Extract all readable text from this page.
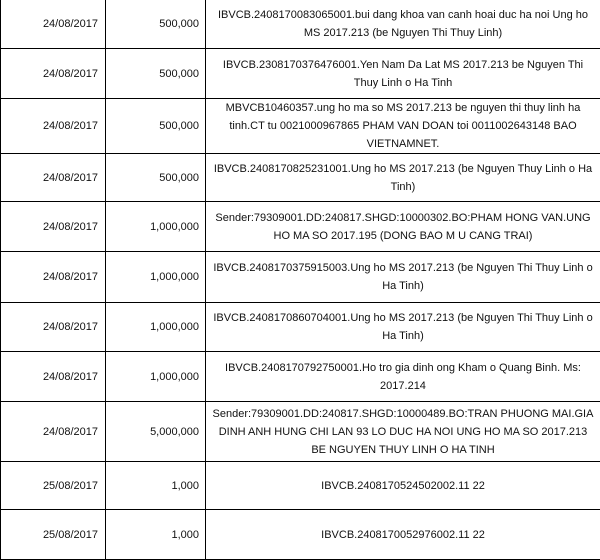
24/08/2017	500,000	IBVCB.2408170083065001.bui dang khoa van canh hoai duc ha noi Ung ho MS 2017.213 (be Nguyen Thi Thuy Linh)
24/08/2017	500,000	IBVCB.2308170376476001.Yen Nam Da Lat MS 2017.213 be Nguyen Thi Thuy Linh o Ha Tinh
24/08/2017	500,000	MBVCB10460357.ung ho ma so MS 2017.213 be nguyen thi thuy linh ha tinh.CT tu 0021000967865 PHAM VAN DOAN toi 0011002643148 BAO VIETNAMNET.
24/08/2017	500,000	IBVCB.2408170825231001.Ung ho MS 2017.213 (be Nguyen Thuy Linh o Ha Tinh)
24/08/2017	1,000,000	Sender:79309001.DD:240817.SHGD:10000302.BO:PHAM HONG VAN.UNG HO MA SO 2017.195 (DONG BAO M U CANG TRAI)
24/08/2017	1,000,000	IBVCB.2408170375915003.Ung ho MS 2017.213 (be Nguyen Thi Thuy Linh o Ha Tinh)
24/08/2017	1,000,000	IBVCB.2408170860704001.Ung ho MS 2017.213 (be Nguyen Thi Thuy Linh o Ha Tinh)
24/08/2017	1,000,000	IBVCB.2408170792750001.Ho tro gia dinh ong Kham o Quang Binh. Ms: 2017.214
24/08/2017	5,000,000	Sender:79309001.DD:240817.SHGD:10000489.BO:TRAN PHUONG MAI.GIA DINH ANH HUNG CHI LAN 93 LO DUC HA NOI UNG HO MA SO 2017.213 BE NGUYEN THUY LINH O HA TINH
25/08/2017	1,000	IBVCB.2408170524502002.11 22
25/08/2017	1,000	IBVCB.2408170052976002.11 22
